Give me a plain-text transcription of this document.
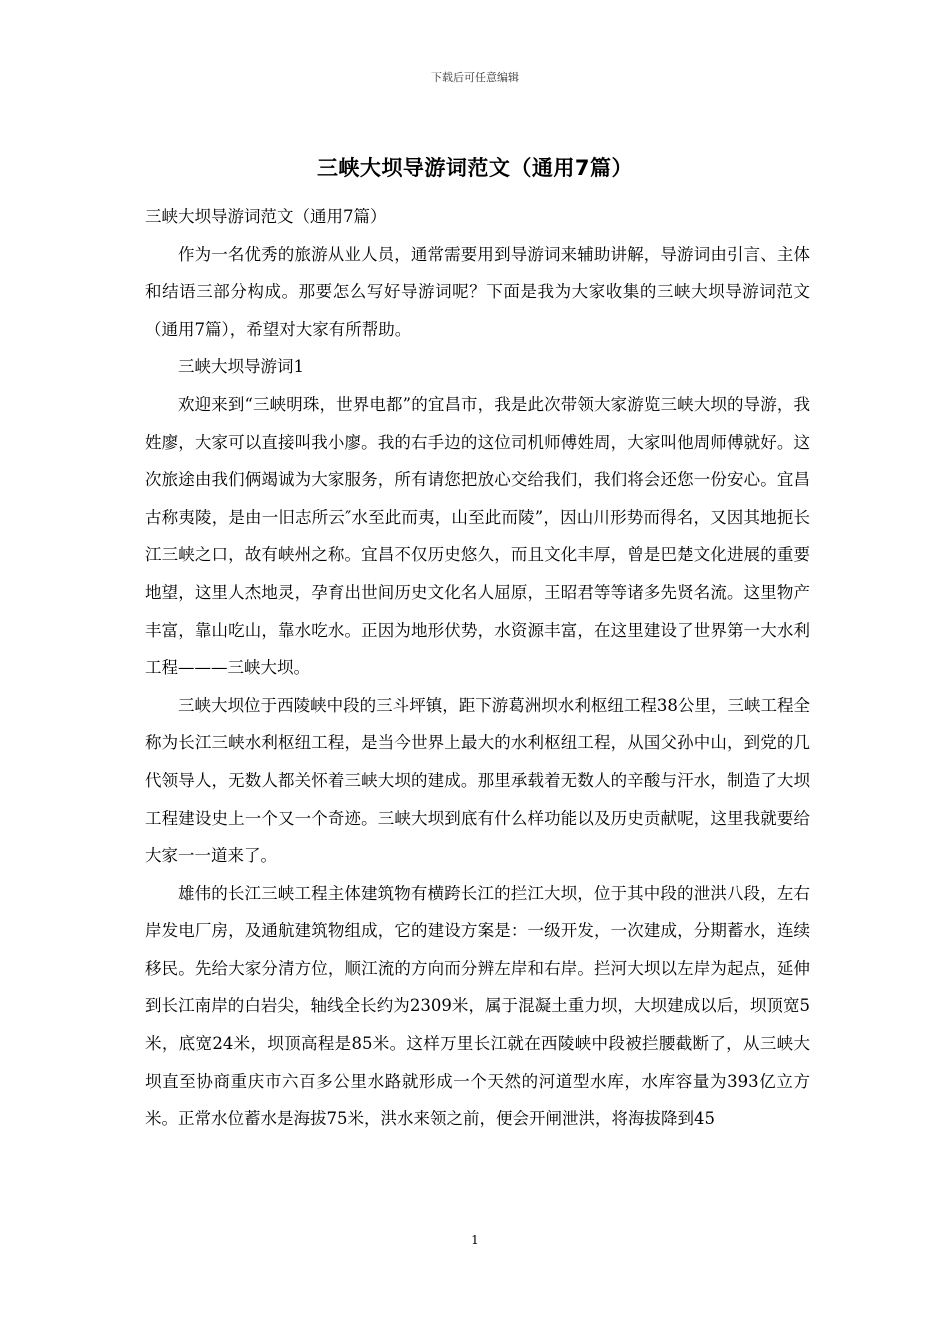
下载后可任意编辑
三峡大坝导游词范文（通用7篇）

三峡大坝导游词范文（通用7篇）

作为一名优秀的旅游从业人员，通常需要用到导游词来辅助讲解，导游词由引言、主体和结语三部分构成。那要怎么写好导游词呢？下面是我为大家收集的三峡大坝导游词范文（通用7篇），希望对大家有所帮助。

三峡大坝导游词1

欢迎来到“三峡明珠，世界电都”的宜昌市，我是此次带领大家游览三峡大坝的导游，我姓廖，大家可以直接叫我小廖。我的右手边的这位司机师傅姓周，大家叫他周师傅就好。这次旅途由我们俩竭诚为大家服务，所有请您把放心交给我们，我们将会还您一份安心。宜昌古称夷陵，是由一旧志所云″水至此而夷，山至此而陵”，因山川形势而得名，又因其地扼长江三峡之口，故有峡州之称。宜昌不仅历史悠久，而且文化丰厚，曾是巴楚文化进展的重要地望，这里人杰地灵，孕育出世间历史文化名人屈原，王昭君等等诸多先贤名流。这里物产丰富，靠山吃山，靠水吃水。正因为地形伏势，水资源丰富，在这里建设了世界第一大水利工程———三峡大坝。

三峡大坝位于西陵峡中段的三斗坪镇，距下游葛洲坝水利枢纽工程38公里，三峡工程全称为长江三峡水利枢纽工程，是当今世界上最大的水利枢纽工程，从国父孙中山，到党的几代领导人，无数人都关怀着三峡大坝的建成。那里承载着无数人的辛酸与汗水，制造了大坝工程建设史上一个又一个奇迹。三峡大坝到底有什么样功能以及历史贡献呢，这里我就要给大家一一道来了。

雄伟的长江三峡工程主体建筑物有横跨长江的拦江大坝，位于其中段的泄洪八段，左右岸发电厂房，及通航建筑物组成，它的建设方案是：一级开发，一次建成，分期蓄水，连续移民。先给大家分清方位，顺江流的方向而分辨左岸和右岸。拦河大坝以左岸为起点，延伸到长江南岸的白岩尖，轴线全长约为2309米，属于混凝土重力坝，大坝建成以后，坝顶宽5米，底宽24米，坝顶高程是85米。这样万里长江就在西陵峡中段被拦腰截断了，从三峡大坝直至协商重庆市六百多公里水路就形成一个天然的河道型水库，水库容量为393亿立方米。正常水位蓄水是海拔75米，洪水来领之前，便会开闸泄洪，将海拔降到45

1
